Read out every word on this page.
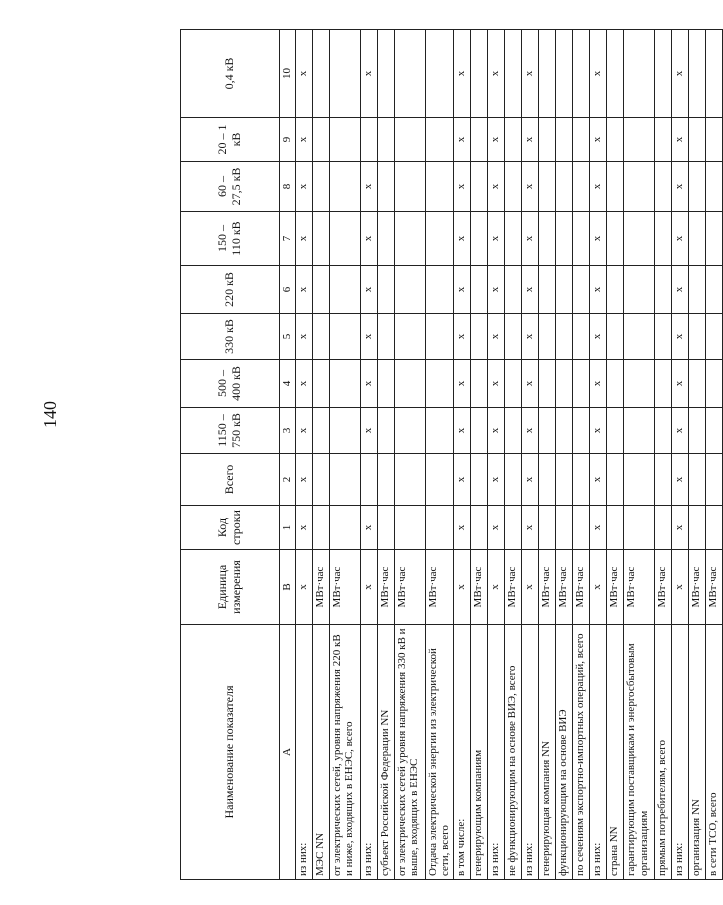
140
Наименование показателя	Единица измерения	Код строки	Всего	1150 – 750 кВ	500 – 400 кВ	330 кВ	220 кВ	150 – 110 кВ	60 – 27,5 кВ	20 – 1 кВ	0,4 кВ
А	В	1	2	3	4	5	6	7	8	9	10
из них:	х	х	х	х	х	х	х	х	х	х	х
МЭС NN	МВт·час										
от электрических сетей, уровня напряжения 220 кВ и ниже, входящих в ЕНЭС, всего	МВт·час										
из них:	х	х		х	х	х	х	х	х		х
субъект Российской Федерации NN	МВт·час										
от электрических сетей уровня напряжения 330 кВ и выше, входящих в ЕНЭС	МВт·час										
Отдача электрической энергии из электрической сети, всего	МВт·час										
в том числе:	х	х	х	х	х	х	х	х	х	х	х
генерирующим компаниям	МВт·час										
из них:	х	х	х	х	х	х	х	х	х	х	х
не функционирующим на основе ВИЭ, всего	МВт·час										
из них:	х	х	х	х	х	х	х	х	х	х	х
генерирующая компания NN	МВт·час										
функционирующим на основе ВИЭ	МВт·час										
по сечениям экспортно-импортных операций, всего	МВт·час										
из них:	х	х	х	х	х	х	х	х	х	х	х
страна NN	МВт·час										
гарантирующим поставщикам и энергосбытовым организациям	МВт·час										
прямым потребителям, всего	МВт·час										
из них:	х	х	х	х	х	х	х	х	х	х	х
организация NN	МВт·час										
в сети ТСО, всего	МВт·час										
